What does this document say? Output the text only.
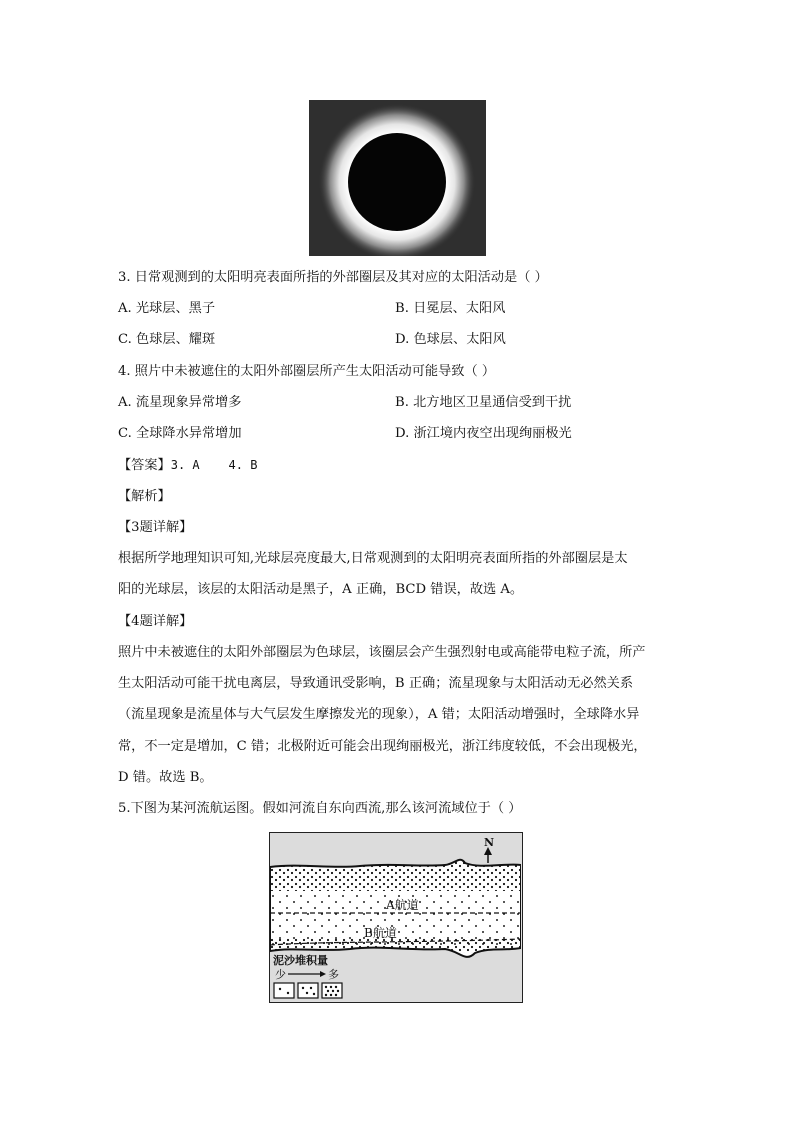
3. 日常观测到的太阳明亮表面所指的外部圈层及其对应的太阳活动是（ ）
A. 光球层、黑子	B. 日冕层、太阳风
C. 色球层、耀斑	D. 色球层、太阳风
4. 照片中未被遮住的太阳外部圈层所产生太阳活动可能导致（ ）
A. 流星现象异常增多	B. 北方地区卫星通信受到干扰
C. 全球降水异常增加	D. 浙江境内夜空出现绚丽极光
【答案】3. A    4. B
【解析】
【3题详解】
根据所学地理知识可知,光球层亮度最大,日常观测到的太阳明亮表面所指的外部圈层是太
阳的光球层，该层的太阳活动是黑子，A 正确，BCD 错误，故选 A。
【4题详解】
照片中未被遮住的太阳外部圈层为色球层，该圈层会产生强烈射电或高能带电粒子流，所产
生太阳活动可能干扰电离层，导致通讯受影响，B 正确；流星现象与太阳活动无必然关系
（流星现象是流星体与大气层发生摩擦发光的现象），A 错；太阳活动增强时，全球降水异
常，不一定是增加，C 错；北极附近可能会出现绚丽极光，浙江纬度较低，不会出现极光，
D 错。故选 B。
5.下图为某河流航运图。假如河流自东向西流,那么该河流域位于（ ）
N
A航道
B航道
泥沙堆积量
少	多
